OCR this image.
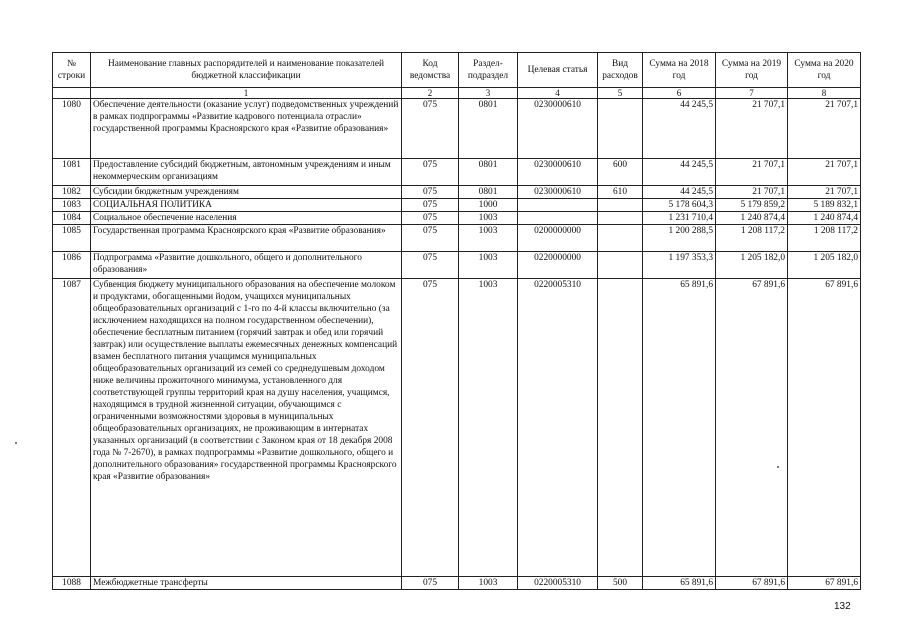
№ строки	Наименование главных распорядителей и наименование показателей бюджетной классификации	Код ведомства	Раздел-подраздел	Целевая статья	Вид расходов	Сумма на 2018 год	Сумма на 2019 год	Сумма на 2020 год
	1	2	3	4	5	6	7	8
1080	Обеспечение деятельности (оказание услуг) подведомственных учреждений в рамках подпрограммы «Развитие кадрового потенциала отрасли» государственной программы Красноярского края «Развитие образования»	075	0801	0230000610		44 245,5	21 707,1	21 707,1
1081	Предоставление субсидий бюджетным, автономным учреждениям и иным некоммерческим организациям	075	0801	0230000610	600	44 245,5	21 707,1	21 707,1
1082	Субсидии бюджетным учреждениям	075	0801	0230000610	610	44 245,5	21 707,1	21 707,1
1083	СОЦИАЛЬНАЯ ПОЛИТИКА	075	1000			5 178 604,3	5 179 859,2	5 189 832,1
1084	Социальное обеспечение населения	075	1003			1 231 710,4	1 240 874,4	1 240 874,4
1085	Государственная программа Красноярского края «Развитие образования»	075	1003	0200000000		1 200 288,5	1 208 117,2	1 208 117,2
1086	Подпрограмма «Развитие дошкольного, общего и дополнительного образования»	075	1003	0220000000		1 197 353,3	1 205 182,0	1 205 182,0
1087	Субвенция бюджету муниципального образования на обеспечение молоком и продуктами, обогащенными йодом, учащихся муниципальных общеобразовательных организаций с 1-го по 4-й классы включительно (за исключением находящихся на полном государственном обеспечении), обеспечение бесплатным питанием (горячий завтрак и обед или горячий завтрак) или осуществление выплаты ежемесячных денежных компенсаций взамен бесплатного питания учащимся муниципальных общеобразовательных организаций из семей со среднедушевым доходом ниже величины прожиточного минимума, установленного для соответствующей группы территорий края на душу населения, учащимся, находящимся в трудной жизненной ситуации, обучающимся с ограниченными возможностями здоровья в муниципальных общеобразовательных организациях, не проживающим в интернатах указанных организаций (в соответствии с Законом края от 18 декабря 2008 года № 7-2670), в рамках подпрограммы «Развитие дошкольного, общего и дополнительного образования» государственной программы Красноярского края «Развитие образования»	075	1003	0220005310		65 891,6	67 891,6	67 891,6
1088	Межбюджетные трансферты	075	1003	0220005310	500	65 891,6	67 891,6	67 891,6
132
